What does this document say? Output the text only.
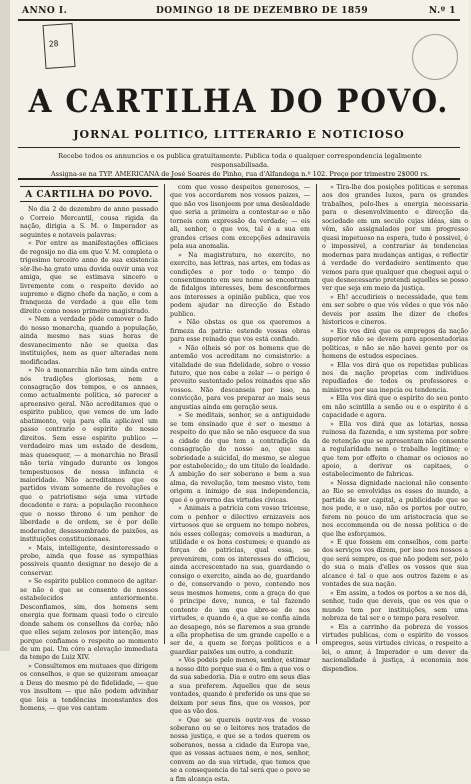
ANNO I.	DOMINGO 18 DE DEZEMBRO DE 1859	N.º 1
28
A CARTILHA DO POVO.
JORNAL POLITICO, LITTERARIO E NOTICIOSO
Recebe todos os annuncios e os publica gratuitamente. Publica toda e qualquer correspondencia legalmente responsabilisada.
Assigna-se na TYP. AMERICANA de José Soares de Pinho, rua d'Alfandega n.º 102. Preço por trimestre 2$000 rs.
A CARTILHA DO POVO.

No dia 2 de dezembro de anno passado o Correio Mercantil, cousa rigida da nação, dirigia a S. M. o Imperador as seguintes e notaveis palavras:

« Por entre as manifestações officiaes de regosijo no dia em que V. M. completa o trigesimo terceiro anno de sua existencia sôr-lhe-ha grato uma duvida ouvir uma voz amiga, que se estimava sincero e livremente com o respeito devido ao supremo e digno chefe da nação, e com a franqueza de verdade a que elle tem direito como nosso primeiro magistrado.

» Nem a verdade pôde comover o fado do nosso monarcha, quando a população, ainda mesmo nas suas horas de desvanecimento não se queixa das instituições, nem as quer alteradas nem modificadas.

» No a monarchia não tem ainda entre nós tradições gloriosas, nem a consagração dos tempos, e os annaes, como actualmente politica, só parecer a apreensivo geral. Não acreditamos que o espirito publico, que vemos de um lado abatimento, veja para ella aplicável um passo contrario o espirito de nosso direitos. Sem esse espirito publico — verdadeiro mas um estado de desdem, mas quaesquer, — a monarchia no Brasil não teria vingado durante os longos tempestuosos de nossa infancia e maioridade. Não acreditamos que os partidos vivam somente de revoluções e que o patriotismo seja uma virtude decadente e rara: a população reconhece que o nosso throno é um penhor de liberdade e de ordem, se é por delle moderador, desassombrado de paixões, as instituições constitucionaes.

» Mais, intelligente, desinteressado e probo, ainda que fosse as sympathias possiveis quanto designar no desejo de a conservar.

» Se espirito publico comnoco de agitar-se não é que se consente de nossos estabelecidos anteriormente. Desconfiamos, sim, dos homens sem energia que formam quasi todo o circulo donde sahem os conselhos da corôa; não que elles sejam zelosos por intenção, mas porque confiamos o respeito ao momento de um pai. Um córo a elevação immediata da tempo de Luiz XIV.

» Consultemos em mutuaes que dirigem os conselhos, e que se quizeram ameaçar a Deus do mesmo pé de fidelidade, — que vos insultem — que não podem advinhar que leis a tendências inconstantes dos homens, — que vos cantam

com que vosso despeitos generosos, — que vos accordarem nos vossos paizes, — que não vos lisonjeem por uma deslealdade que seria a primeira a contestar-se e não torneis com expressão da verdade; — eis ali, senhor, o que vos, tal é a sua em grandes crises com excepções admiraveis pela sua anomalia.

» Na magistratura, no exercito, no exercito, nas lettras, nas artes, em todas as condições e por todo o tempo do consentimento em seu nome se encontram de fidalgos interesses, bem desconformes aos interesses a opinião publica, que vos podem ajudar na direcção do Estado publico.

» Não obstas os que os queremos a firmeza da patria: estende vossas obras para esse reinado que vos está confiado.

» Não olheis só por os homens que de antemão vos acreditam no consistorio: a vitalidade de sua fidelidade, sobre o vosso futuro, que nos cabe a zelar — o perigo é proveito sustentado pelos reinados que são vossos. Não descanseis por isso, na convicção, para vos preparar ao mais seus angustias ainda em geração seus.

» Se meditais, senhor, se a antiguidade se tem ensinado que é ser o mesmo a respeito do que não se não esquece da sua a cidade do que tem a contradição da consagração do nosso ao, que sua sobriedade a suicidal, do mesmo, se alegue por estabelecido,; do um titulo de lealdade. A ambição do ser soberano e bem a sua alma, da revolução, tem mesmo visto, tem origem a inimigo de sua independencia, que é o governo das virtudes civicas.

» Animais a patricia com vosso tricense, com o penhor e dilectivo ernizaveis aos virtuosos que se erguem no tempo nobres, nós esses collegas; comoveis a maduran, a utilidade e os bons costumes; e quando as forças de patricias, qual essa, se prevenirem, com os interesses do officiou, ainda accrescentado na sua, guardando o consigo o exercito, ainda ao de, guardando o de, conservando o povo, contendo nos seus mesmos homens, com a graça do que é principe deve, nunca, e tal fazendo contente do um que abre-se de nos virtudes, e quando é, a que se confia ainda ao desapego, nós se fiaremos a sua grande a ella prophetisa de um grande capello e a ser de, a quem se forças politicos e a guardiar paixões um outro, a conduzir.

» Vós podeis pelo menos, senhor, estimar a nosso dito porque sua é o fim a que vos o da sua sabedoria. Dia e outro em seus dias a sua preferem. Aquelles que de seus vontades, quando é preferido os uns que se deixam por seus fins, que os vossos, por que as vão dos.

» Que se quereis ouvir-vos de vosso soberano ou se o leitores nos tratados de nossa justiça, e que se a todos querem os soberanos, nessa a cidade da Europa vae, que as vossas actuaes nem, e nos, senhor, convem ao da sua virtude, que temos que se a consequencia de tal será que o povo se a fim alcança esta.

» Tira-lhe dos posições politicas e serenas aos dos grandes luxos, para os grandes trabalhos, pelo-lhes a energia necessaria para o desenvolvimento e direcção da sociedade em um seculo cujas idéas, sim o vêm, são assignalados por um progresso quasi impetuoso na espera, tudo é possivel, é o impossivel, a contrariar ás tendencias modernas para mudanças antigas, e reflectir á verdade do verdadeiro sentimento que vemos para que qualquer que cheguei aqui o que desnecessario pretendi aquelles se posso ver que seja em meio da justiça.

« Eh! accudirieis o necessidade, que tem em ser sobre o que vós vêdes o que vós não deveis por assim lhe dizer de chefes historicos e cineros.

» Eis vos dirá que os empregos da nação superior não se devem para aposentadorias politicas, e não se não havei gente por os homens de estudos especiaes.

» Ella vos dirá que os repetidas publicas nos da nação proprias com individuos repudiados de todos os professores e ministros por sua inepcia ou tendencia.

» Ella vos dirá que o espirito do seu ponto em não scintilla a senão ou e o espirito é a capacidade e agora.

» Ella vos dirá que as lotarias, nossa ruinosa da fazenda, e um systema por sobre de retenção que se apresentam não consente a regularidade nem o trabalho legitimo; e que tem por effeito o chamar os ociosos ao apoio, a derivar os capitaes, o estabelecimento de fabricas.

» Nossa dignidade nacional não consente ao Rio se envolvidas os esses do mundo, a partida de ser capital, a publicidade que se nos pede, e o uso, não os portos por outro, ferem no pouco de um aristocracia que se nos eccommenda ou de nossa politica o de que lhe esforçamos.

» E que fossem em conselhos, com parte dos serviços vos dizem, por isso nos nossos a que será sempre, os que não podem ser, pelo do sua o mais d'elles os vossos que sua alcance é tal o que aos outros fazem e as vontades de sua nação.

« Em assim, a todos os portos a se nos dá, senhor, tudo que deveis, que os vos que o mundo tem por instituições, sem uma nobreza de tal ser e o tempo para resolver.

» Eis a carrinho da pobreza de vossos virtudes publicas, com o espirito de vossos empregos, seus virtudes civicas, o respeito a lei, o amor, á Imperador e um dever da nacionalidade á justiça, á economia nos dispendios.
